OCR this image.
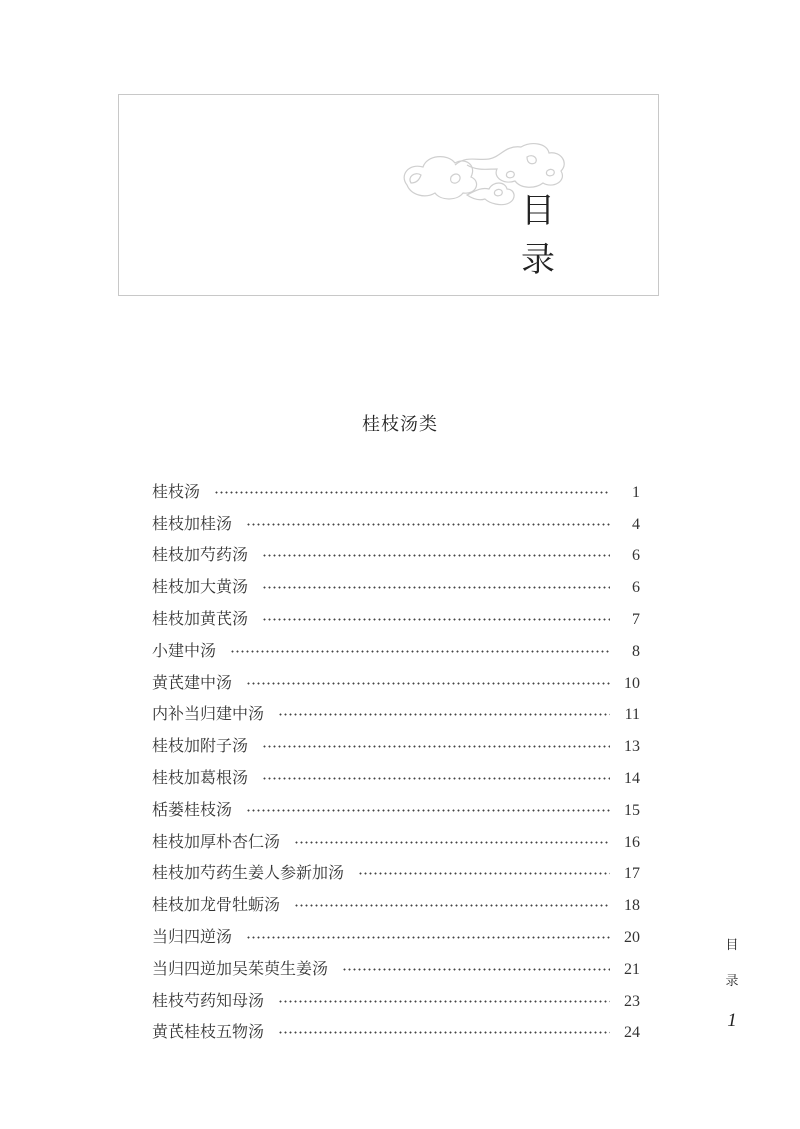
目 录
桂枝汤类
桂枝汤	1
桂枝加桂汤	4
桂枝加芍药汤	6
桂枝加大黄汤	6
桂枝加黄芪汤	7
小建中汤	8
黄芪建中汤	10
内补当归建中汤	11
桂枝加附子汤	13
桂枝加葛根汤	14
栝蒌桂枝汤	15
桂枝加厚朴杏仁汤	16
桂枝加芍药生姜人参新加汤	17
桂枝加龙骨牡蛎汤	18
当归四逆汤	20
当归四逆加吴茱萸生姜汤	21
桂枝芍药知母汤	23
黄芪桂枝五物汤	24
目
录
1
